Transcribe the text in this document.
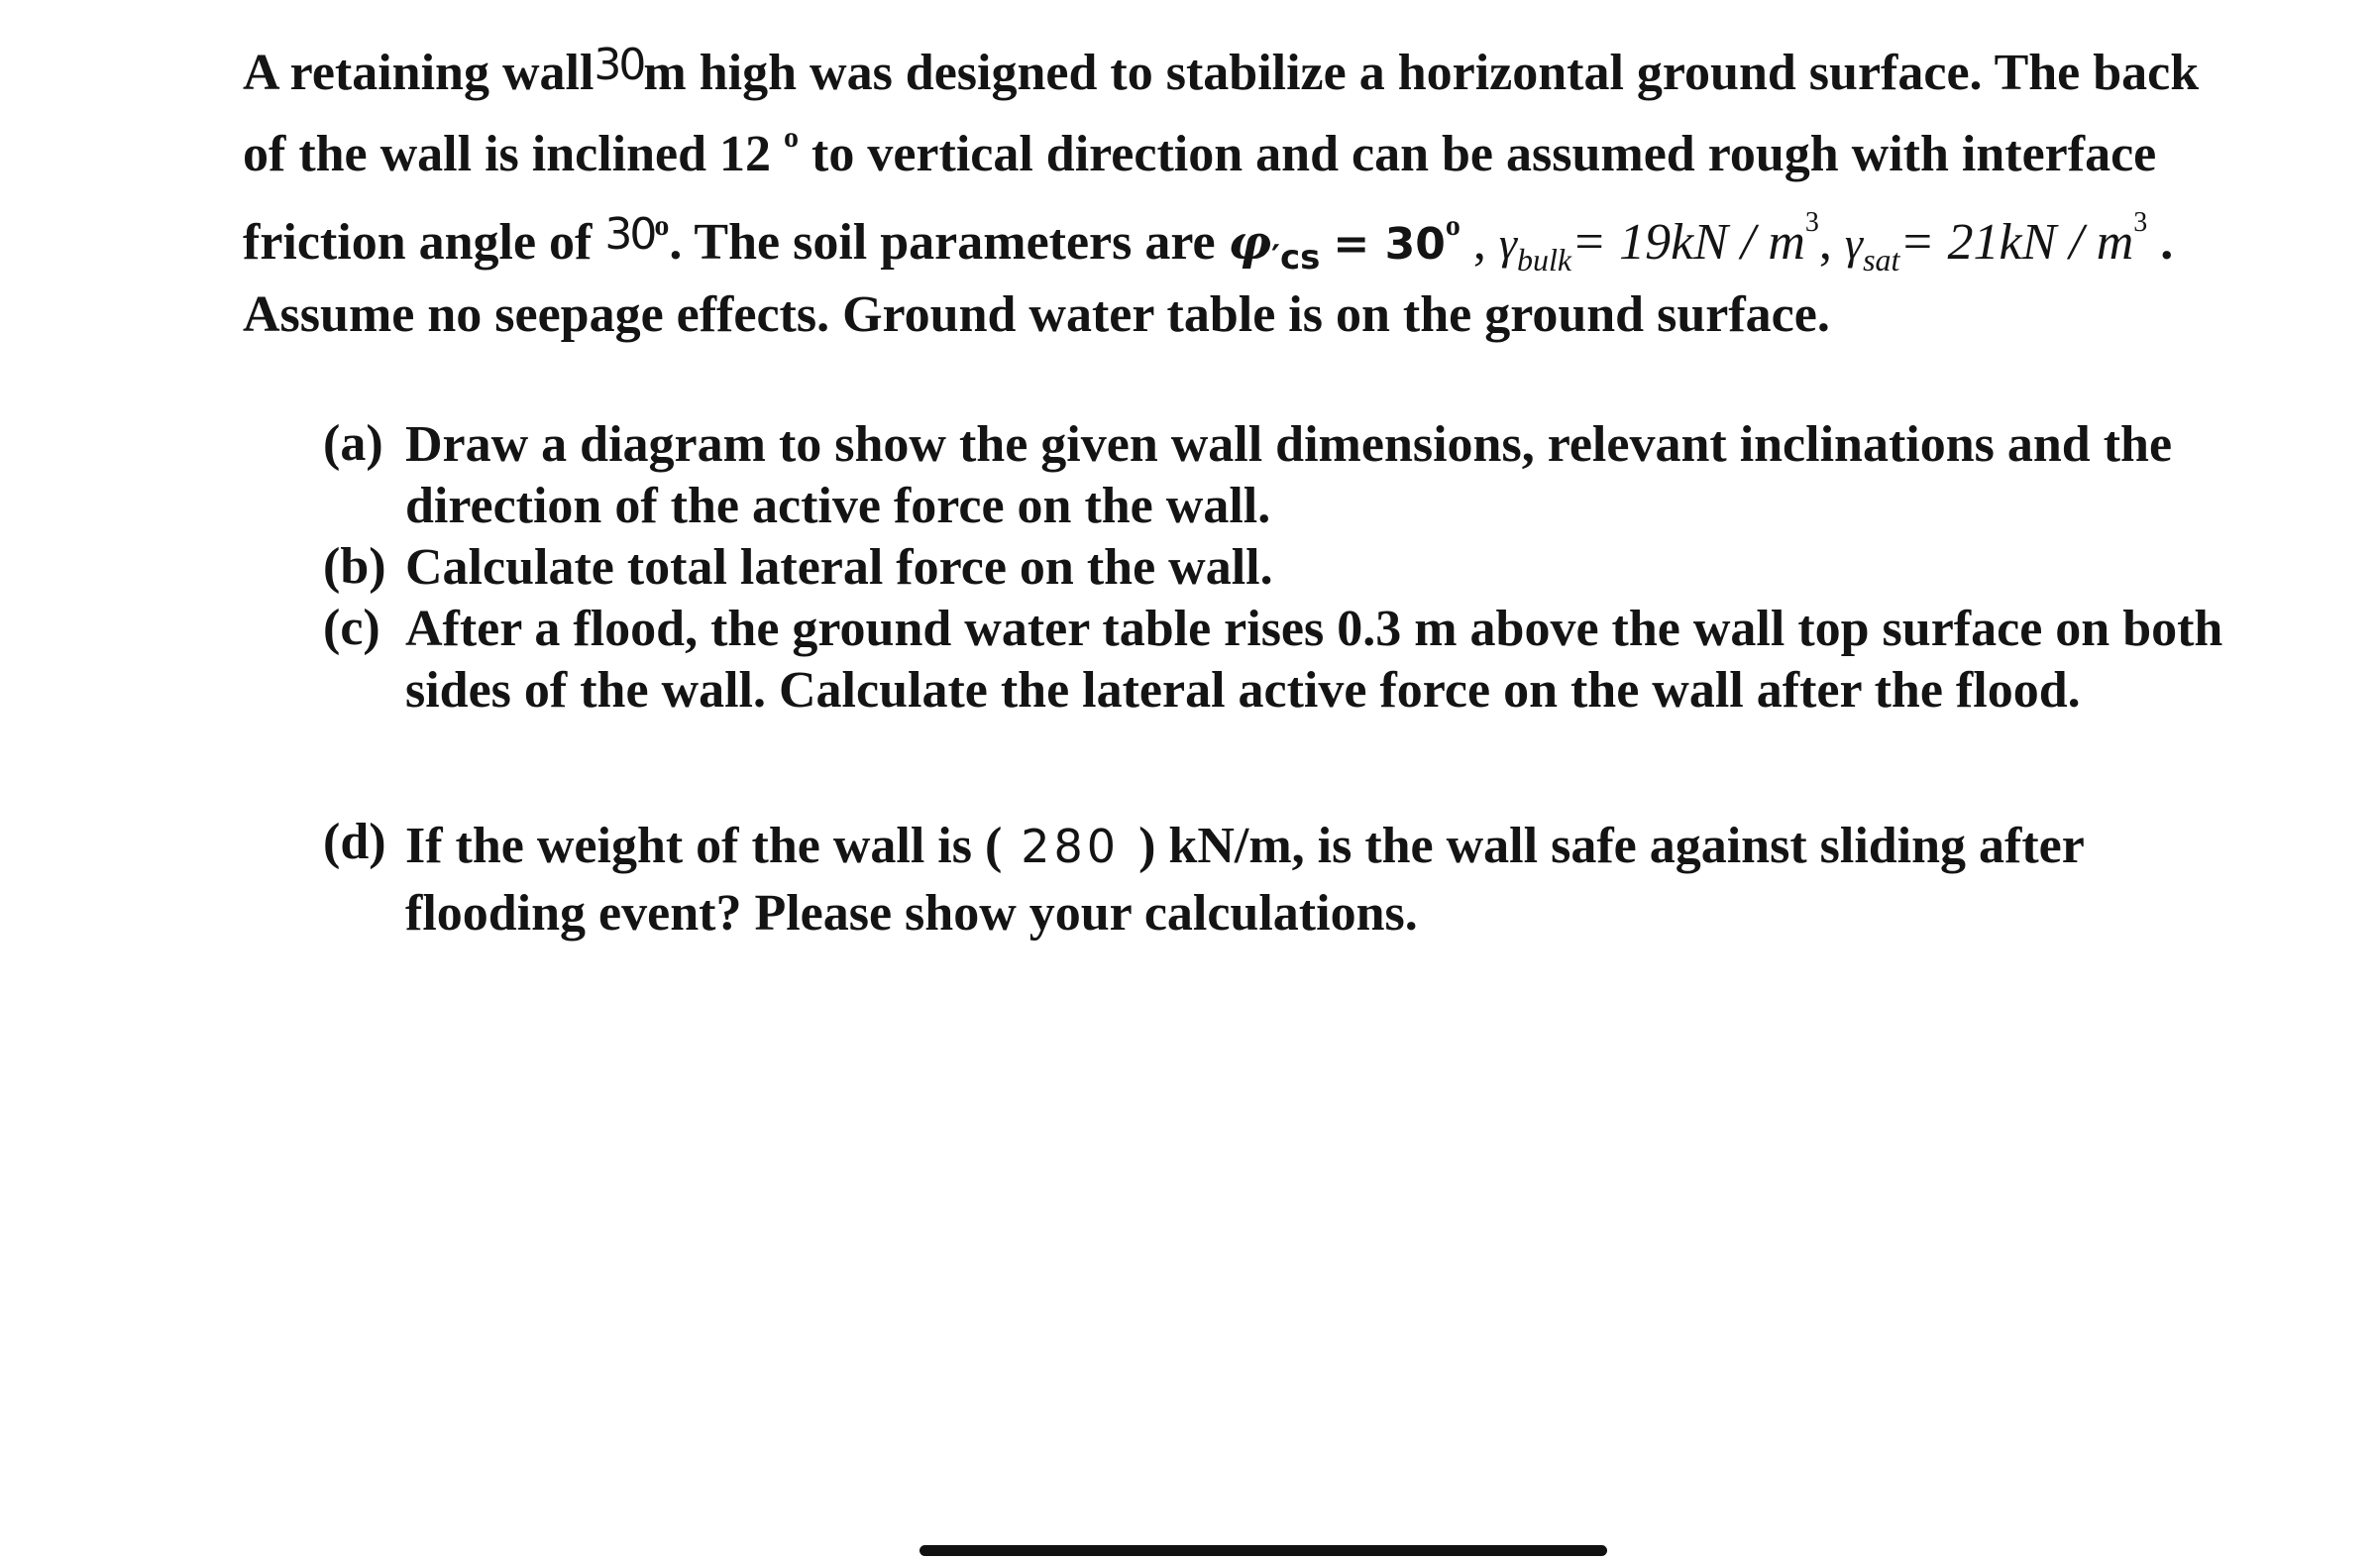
A retaining wall30m high was designed to stabilize a horizontal ground surface. The back
of the wall is inclined 12 $^o$ to vertical direction and can be assumed rough with interface
friction angle of 30$^o$. The soil parameters are $\varphi'cs = 30^o$ , $\gamma_{bulk}= 19kN / m^3$, $\gamma_{sat}= 21kN / m^3$ .
Assume no seepage effects. Ground water table is on the ground surface.
(a) Draw a diagram to show the given wall dimensions, relevant inclinations and the direction of the active force on the wall.
(b) Calculate total lateral force on the wall.
(c) After a flood, the ground water table rises 0.3 m above the wall top surface on both sides of the wall. Calculate the lateral active force on the wall after the flood.
(d) If the weight of the wall is ( 280 ) kN/m, is the wall safe against sliding after flooding event? Please show your calculations.
